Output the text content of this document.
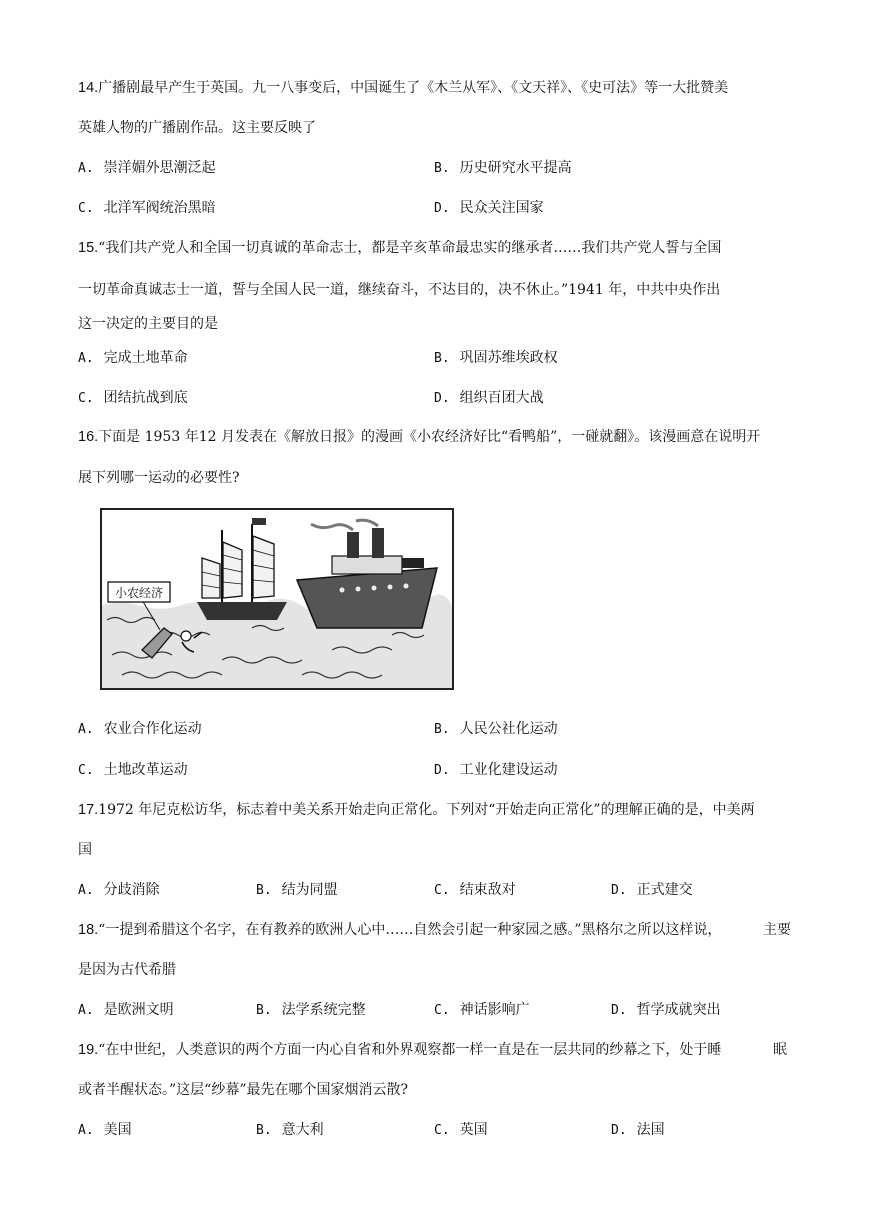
14.广播剧最早产生于英国。九一八事变后，中国诞生了《木兰从军》、《文天祥》、《史可法》等一大批赞美
英雄人物的广播剧作品。这主要反映了
A. 崇洋媚外思潮泛起	B. 历史研究水平提高
C. 北洋军阀统治黑暗	D. 民众关注国家
15.“我们共产党人和全国一切真诚的革命志士，都是辛亥革命最忠实的继承者……我们共产党人誓与全国
一切革命真诚志士一道，誓与全国人民一道，继续奋斗，不达目的，决不休止。”1941 年，中共中央作出
这一决定的主要目的是
A. 完成土地革命	B. 巩固苏维埃政权
C. 团结抗战到底	D. 组织百团大战
16.下面是 1953 年12 月发表在《解放日报》的漫画《小农经济好比“看鸭船”，一碰就翻》。该漫画意在说明开
展下列哪一运动的必要性?
小农经济
A. 农业合作化运动	B. 人民公社化运动
C. 土地改革运动	D. 工业化建设运动
17.1972 年尼克松访华，标志着中美关系开始走向正常化。下列对“开始走向正常化”的理解正确的是，中美两
国
A. 分歧消除	B. 结为同盟	C. 结束敌对	D. 正式建交
18.“一提到希腊这个名字，在有教养的欧洲人心中……自然会引起一种家园之感。”黑格尔之所以这样说，	主要
是因为古代希腊
A. 是欧洲文明	B. 法学系统完整	C. 神话影响广	D. 哲学成就突出
19.“在中世纪，人类意识的两个方面一内心自省和外界观察都一样一直是在一层共同的纱幕之下，处于睡	眠
或者半醒状态。”这层“纱幕”最先在哪个国家烟消云散?
A. 美国	B. 意大利	C. 英国	D. 法国
